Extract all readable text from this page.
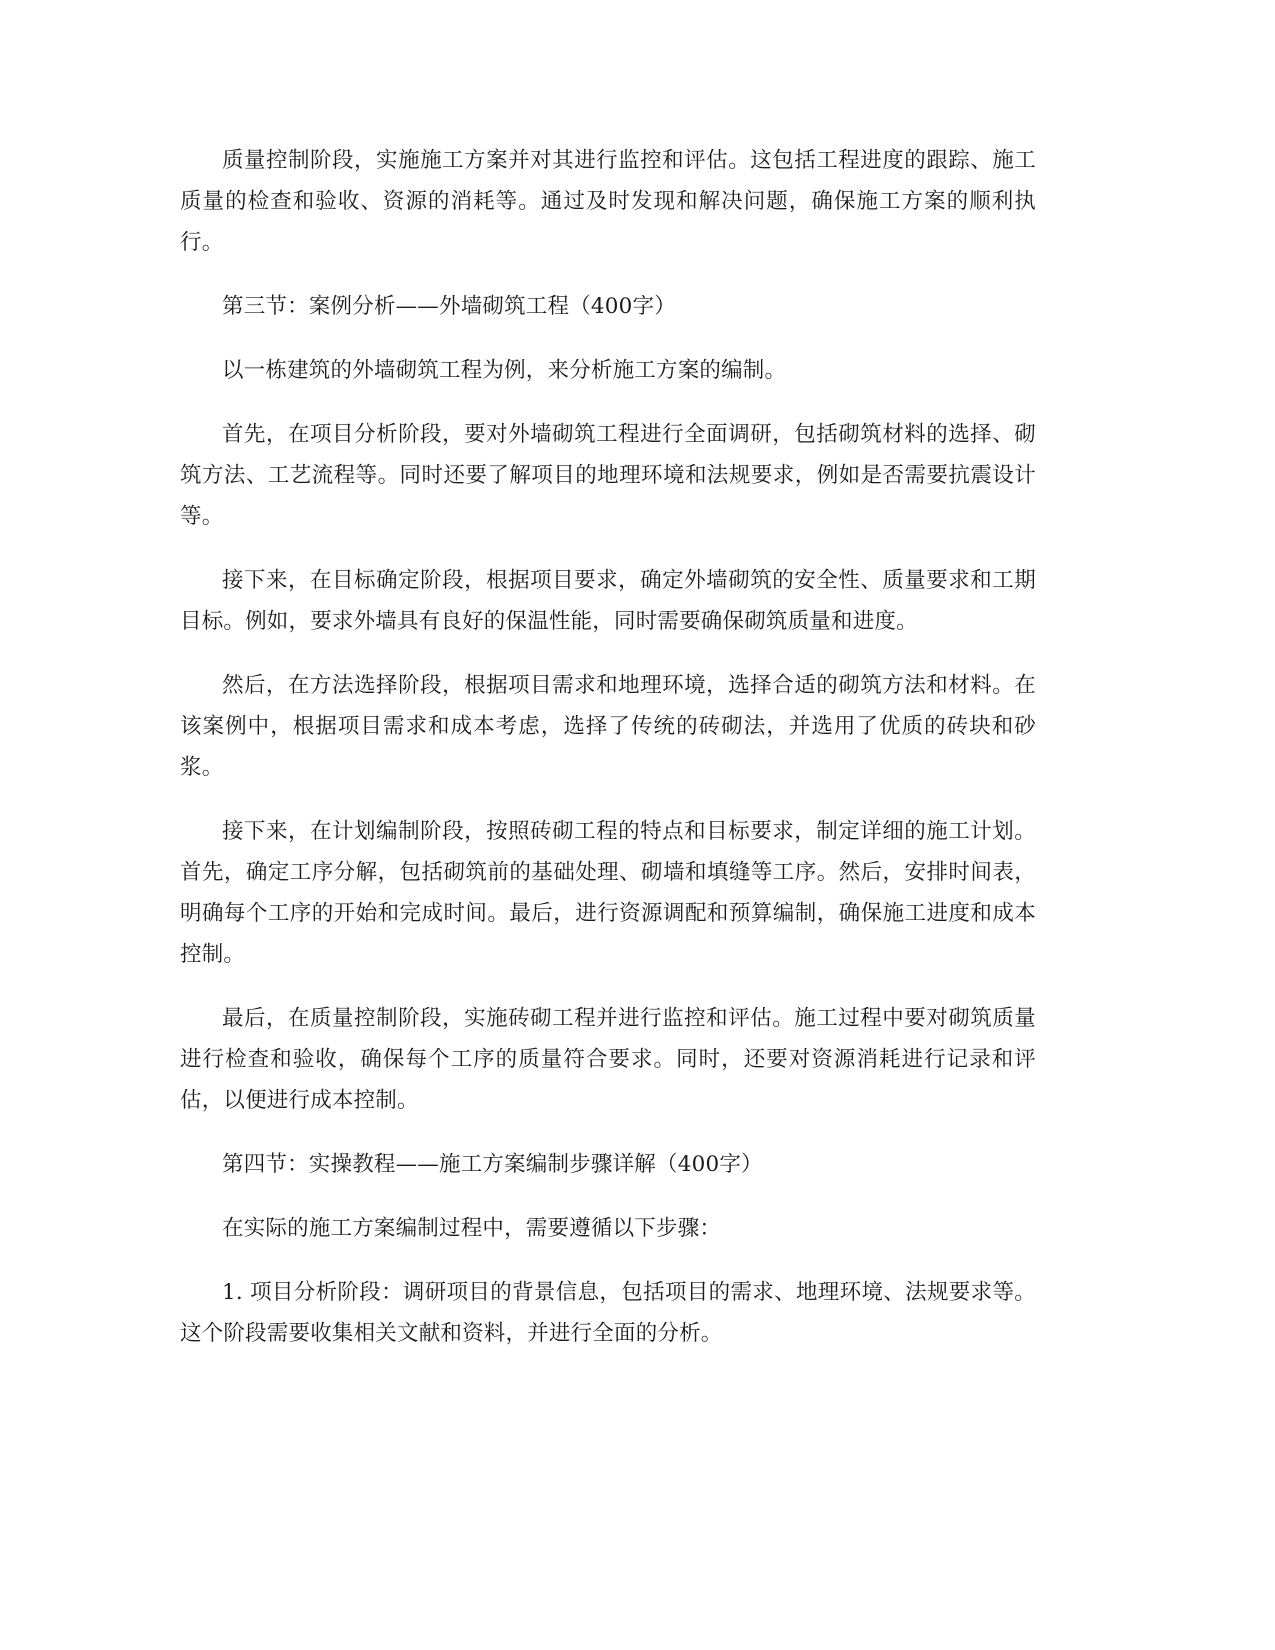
质量控制阶段，实施施工方案并对其进行监控和评估。这包括工程进度的跟踪、施工质量的检查和验收、资源的消耗等。通过及时发现和解决问题，确保施工方案的顺利执行。

第三节：案例分析——外墙砌筑工程（400字）

以一栋建筑的外墙砌筑工程为例，来分析施工方案的编制。

首先，在项目分析阶段，要对外墙砌筑工程进行全面调研，包括砌筑材料的选择、砌筑方法、工艺流程等。同时还要了解项目的地理环境和法规要求，例如是否需要抗震设计等。

接下来，在目标确定阶段，根据项目要求，确定外墙砌筑的安全性、质量要求和工期目标。例如，要求外墙具有良好的保温性能，同时需要确保砌筑质量和进度。

然后，在方法选择阶段，根据项目需求和地理环境，选择合适的砌筑方法和材料。在该案例中，根据项目需求和成本考虑，选择了传统的砖砌法，并选用了优质的砖块和砂浆。

接下来，在计划编制阶段，按照砖砌工程的特点和目标要求，制定详细的施工计划。首先，确定工序分解，包括砌筑前的基础处理、砌墙和填缝等工序。然后，安排时间表，明确每个工序的开始和完成时间。最后，进行资源调配和预算编制，确保施工进度和成本控制。

最后，在质量控制阶段，实施砖砌工程并进行监控和评估。施工过程中要对砌筑质量进行检查和验收，确保每个工序的质量符合要求。同时，还要对资源消耗进行记录和评估，以便进行成本控制。

第四节：实操教程——施工方案编制步骤详解（400字）

在实际的施工方案编制过程中，需要遵循以下步骤：

1. 项目分析阶段：调研项目的背景信息，包括项目的需求、地理环境、法规要求等。这个阶段需要收集相关文献和资料，并进行全面的分析。
